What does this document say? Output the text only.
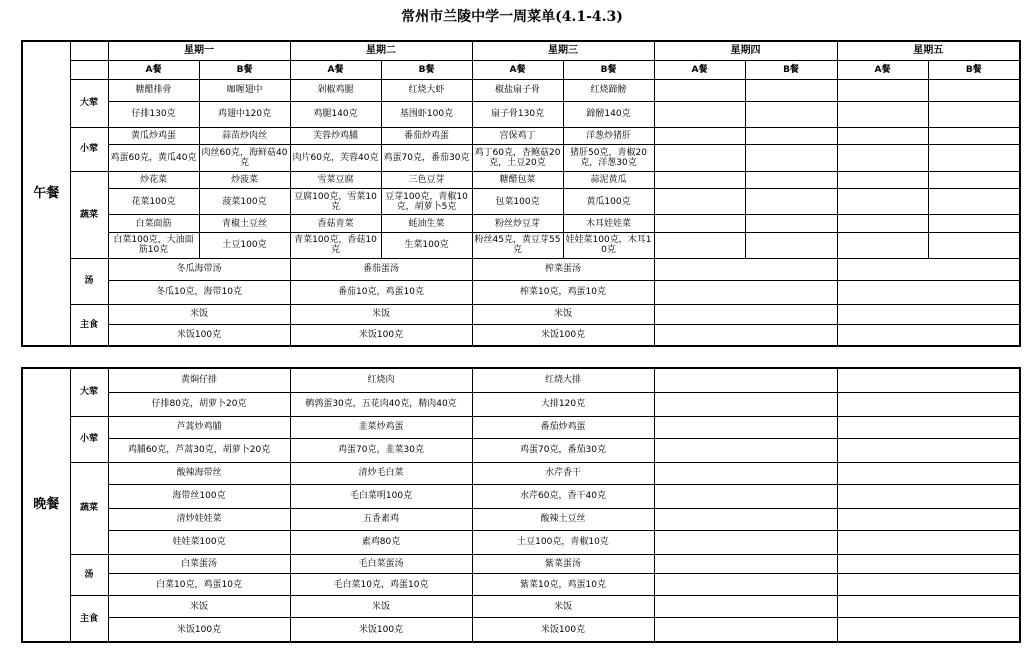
常州市兰陵中学一周菜单(4.1-4.3)
午餐		星期一		星期二		星期三		星期四		星期五	
		A餐	B餐	A餐	B餐	A餐	B餐	A餐	B餐	A餐	B餐
	大荤	糖醋排骨	咖喱翅中	剁椒鸡腿	红烧大虾	椒盐扇子骨	红烧蹄髈				
		仔排130克	鸡翅中120克	鸡腿140克	基围虾100克	扇子骨130克	蹄髈140克				
	小荤	黄瓜炒鸡蛋	蒜苗炒肉丝	芙蓉炒鸡脯	番茄炒鸡蛋	宫保鸡丁	洋葱炒猪肝				
		鸡蛋60克，黄瓜40克	肉丝60克，海鲜菇40克	肉片60克，芙蓉40克	鸡蛋70克，番茄30克	鸡丁60克，杏鲍菇20克，土豆20克	猪肝50克，青椒20克，洋葱30克				
	蔬菜	炒花菜	炒菠菜	雪菜豆腐	三色豆芽	糖醋包菜	蒜泥黄瓜				
		花菜100克	菠菜100克	豆腐100克，雪菜10克	豆芽100克，青椒10克，胡萝卜5克	包菜100克	黄瓜100克				
		白菜面筋	青椒土豆丝	香菇青菜	蚝油生菜	粉丝炒豆芽	木耳娃娃菜				
		白菜100克，大油面筋10克	土豆100克	青菜100克，香菇10克	生菜100克	粉丝45克，黄豆芽55克	娃娃菜100克，木耳10克				
	汤	冬瓜海带汤		番茄蛋汤		榨菜蛋汤					
		冬瓜10克，海带10克		番茄10克，鸡蛋10克		榨菜10克，鸡蛋10克					
	主食	米饭		米饭		米饭					
		米饭100克		米饭100克		米饭100克					
晚餐	大荤	黄焖仔排	红烧肉	红烧大排		
		仔排80克，胡萝卜20克	鹌鹑蛋30克，五花肉40克，精肉40克	大排120克		
	小荤	芦蒿炒鸡脯	韭菜炒鸡蛋	番茄炒鸡蛋		
		鸡脯60克，芦蒿30克，胡萝卜20克	鸡蛋70克，韭菜30克	鸡蛋70克，番茄30克		
	蔬菜	酸辣海带丝	清炒毛白菜	水芹香干		
		海带丝100克	毛白菜明100克	水芹60克，香干40克		
		清炒娃娃菜	五香素鸡	酸辣土豆丝		
		娃娃菜100克	素鸡80克	土豆100克，青椒10克		
	汤	白菜蛋汤	毛白菜蛋汤	紫菜蛋汤		
		白菜10克，鸡蛋10克	毛白菜10克，鸡蛋10克	紫菜10克，鸡蛋10克		
	主食	米饭	米饭	米饭		
		米饭100克	米饭100克	米饭100克		
